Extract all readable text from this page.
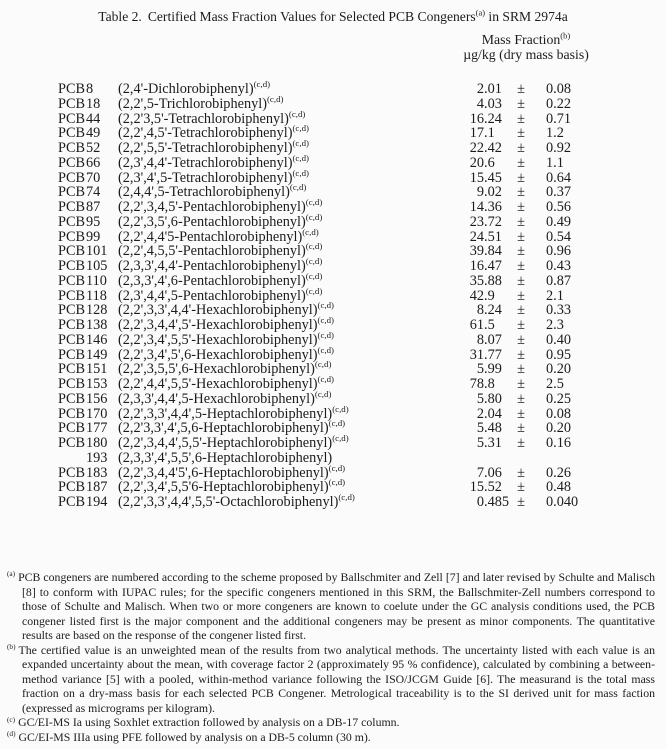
Table 2. Certified Mass Fraction Values for Selected PCB Congeners$^{(a)}$ in SRM 2974a
Mass Fraction$^{(b)}$
µg/kg (dry mass basis)
PCB 8	(2,4'-Dichlorobiphenyl)$^{(c,d)}$	2 .01	±	0.08
PCB 18	(2,2',5-Trichlorobiphenyl)$^{(c,d)}$	4 .03	±	0.22
PCB 44	(2,2'3,5'-Tetrachlorobiphenyl)$^{(c,d)}$	16 .24	±	0.71
PCB 49	(2,2',4,5'-Tetrachlorobiphenyl)$^{(c,d)}$	17 .1	±	1.2
PCB 52	(2,2',5,5'-Tetrachlorobiphenyl)$^{(c,d)}$	22 .42	±	0.92
PCB 66	(2,3',4,4'-Tetrachlorobiphenyl)$^{(c,d)}$	20 .6	±	1.1
PCB 70	(2,3',4',5-Tetrachlorobiphenyl)$^{(c,d)}$	15 .45	±	0.64
PCB 74	(2,4,4',5-Tetrachlorobiphenyl)$^{(c,d)}$	9 .02	±	0.37
PCB 87	(2,2',3,4,5'-Pentachlorobiphenyl)$^{(c,d)}$	14 .36	±	0.56
PCB 95	(2,2',3,5',6-Pentachlorobiphenyl)$^{(c,d)}$	23 .72	±	0.49
PCB 99	(2,2',4,4'5-Pentachlorobiphenyl)$^{(c,d)}$	24 .51	±	0.54
PCB 101 (2,2',4,5,5'-Pentachlorobiphenyl)$^{(c,d)}$	39 .84	±	0.96
PCB 105 (2,3,3',4,4'-Pentachlorobiphenyl)$^{(c,d)}$	16 .47	±	0.43
PCB 110 (2,3,3',4',6-Pentachlorobiphenyl)$^{(c,d)}$	35 .88	±	0.87
PCB 118 (2,3',4,4',5-Pentachlorobiphenyl)$^{(c,d)}$	42 .9	±	2.1
PCB 128 (2,2',3,3',4,4'-Hexachlorobiphenyl)$^{(c,d)}$	8 .24	±	0.33
PCB 138 (2,2',3,4,4',5'-Hexachlorobiphenyl)$^{(c,d)}$	61 .5	±	2.3
PCB 146 (2,2',3,4',5,5'-Hexachlorobiphenyl)$^{(c,d)}$	8 .07	±	0.40
PCB 149 (2,2',3,4',5',6-Hexachlorobiphenyl)$^{(c,d)}$	31 .77	±	0.95
PCB 151 (2,2',3,5,5',6-Hexachlorobiphenyl)$^{(c,d)}$	5 .99	±	0.20
PCB 153 (2,2',4,4',5,5'-Hexachlorobiphenyl)$^{(c,d)}$	78 .8	±	2.5
PCB 156 (2,3,3',4,4',5-Hexachlorobiphenyl)$^{(c,d)}$	5 .80	±	0.25
PCB 170 (2,2',3,3',4,4',5-Heptachlorobiphenyl)$^{(c,d)}$	2 .04	±	0.08
PCB 177 (2,2'3,3',4',5,6-Heptachlorobiphenyl)$^{(c,d)}$	5 .48	±	0.20
PCB 180 (2,2',3,4,4',5,5'-Heptachlorobiphenyl)$^{(c,d)}$	5 .31	±	0.16
193 (2,3,3',4',5,5',6-Heptachlorobiphenyl)
PCB 183 (2,2',3,4,4'5',6-Heptachlorobiphenyl)$^{(c,d)}$	7 .06	±	0.26
PCB 187 (2,2',3,4',5,5'6-Heptachlorobiphenyl)$^{(c,d)}$	15 .52	±	0.48
PCB 194 (2,2',3,3',4,4',5,5'-Octachlorobiphenyl)$^{(c,d)}$	0 .485 ±	0.040
$^{(a)}$ PCB congeners are numbered according to the scheme proposed by Ballschmiter and Zell [7] and later revised by Schulte and Malisch [8] to conform with IUPAC rules; for the specific congeners mentioned in this SRM, the Ballschmiter-Zell numbers correspond to those of Schulte and Malisch. When two or more congeners are known to coelute under the GC analysis conditions used, the PCB congener listed first is the major component and the additional congeners may be present as minor components. The quantitative results are based on the response of the congener listed first.
$^{(b)}$ The certified value is an unweighted mean of the results from two analytical methods. The uncertainty listed with each value is an expanded uncertainty about the mean, with coverage factor 2 (approximately 95 % confidence), calculated by combining a between-method variance [5] with a pooled, within-method variance following the ISO/JCGM Guide [6]. The measurand is the total mass fraction on a dry-mass basis for each selected PCB Congener. Metrological traceability is to the SI derived unit for mass faction (expressed as micrograms per kilogram).
$^{(c)}$ GC/EI-MS Ia using Soxhlet extraction followed by analysis on a DB-17 column.
$^{(d)}$ GC/EI-MS IIIa using PFE followed by analysis on a DB-5 column (30 m).
